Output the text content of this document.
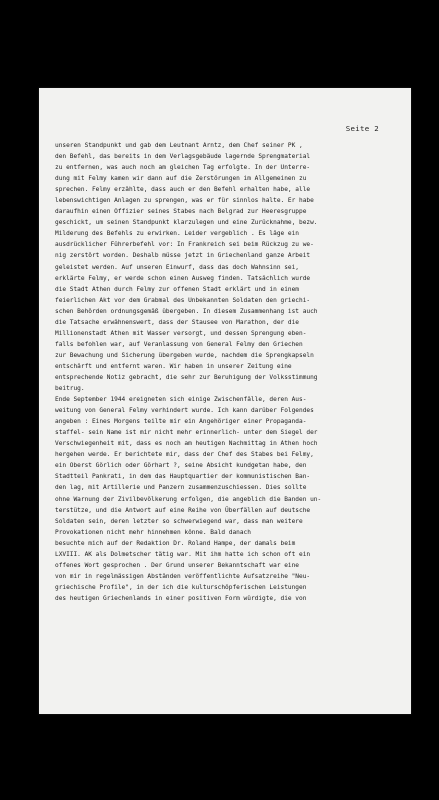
Seite 2
unseren Standpunkt und gab dem Leutnant Arntz, dem Chef seiner PK ,
den Befehl, das bereits in dem Verlagsgebäude lagernde Sprengmaterial
zu entfernen, was auch noch am gleichen Tag erfolgte. In der Unterre-
dung mit Felmy kamen wir dann auf die Zerstörungen im Allgemeinen zu
sprechen. Felmy erzählte, dass auch er den Befehl erhalten habe, alle
lebenswichtigen Anlagen zu sprengen, was er für sinnlos halte. Er habe
daraufhin einen Offizier seines Stabes nach Belgrad zur Heeresgruppe
geschickt, um seinen Standpunkt klarzulegen und eine Zurücknahme, bezw.
Milderung des Befehls zu erwirken. Leider vergeblich . Es läge ein
ausdrücklicher Führerbefehl vor: In Frankreich sei beim Rückzug zu we-
nig zerstört worden. Deshalb müsse jetzt in Griechenland ganze Arbeit
geleistet werden. Auf unseren Einwurf, dass das doch Wahnsinn sei,
erklärte Felmy, er werde schon einen Ausweg finden. Tatsächlich wurde
die Stadt Athen durch Felmy zur offenen Stadt erklärt und in einem
feierlichen Akt vor dem Grabmal des Unbekannten Soldaten den griechi-
schen Behörden ordnungsgemäß übergeben. In diesem Zusammenhang ist auch
die Tatsache erwähnenswert, dass der Stausee von Marathon, der die
Millionenstadt Athen mit Wasser versorgt, und dessen Sprengung eben-
falls befohlen war, auf Veranlassung von General Felmy den Griechen
zur Bewachung und Sicherung übergeben wurde, nachdem die Sprengkapseln
entschärft und entfernt waren. Wir haben in unserer Zeitung eine
entsprechende Notiz gebracht, die sehr zur Beruhigung der Volksstimmung
beitrug.
Ende September 1944 ereigneten sich einige Zwischenfälle, deren Aus-
weitung von General Felmy verhindert wurde. Ich kann darüber Folgendes
angeben : Eines Morgens teilte mir ein Angehöriger einer Propaganda-
staffel- sein Name ist mir nicht mehr erinnerlich- unter dem Siegel der
Verschwiegenheit mit, dass es noch am heutigen Nachmittag in Athen hoch
hergehen werde. Er berichtete mir, dass der Chef des Stabes bei Felmy,
ein Oberst Görlich oder Görhart ?, seine Absicht kundgetan habe, den
Stadtteil Pankrati, in dem das Hauptquartier der kommunistischen Ban-
den lag, mit Artillerie und Panzern zusammenzuschiessen. Dies sollte
ohne Warnung der Zivilbevölkerung erfolgen, die angeblich die Banden un-
terstütze, und die Antwort auf eine Reihe von Überfällen auf deutsche
Soldaten sein, deren letzter so schwerwiegend war, dass man weitere
Provokationen nicht mehr hinnehmen könne. Bald danach
besuchte mich auf der Redaktion Dr. Roland Hampe, der damals beim
LXVIII. AK als Dolmetscher tätig war. Mit ihm hatte ich schon oft ein
offenes Wort gesprochen . Der Grund unserer Bekanntschaft war eine
von mir in regelmässigen Abständen veröffentlichte Aufsatzreihe "Neu-
griechische Profile", in der ich die kulturschöpferischen Leistungen
des heutigen Griechenlands in einer positiven Form würdigte, die von
